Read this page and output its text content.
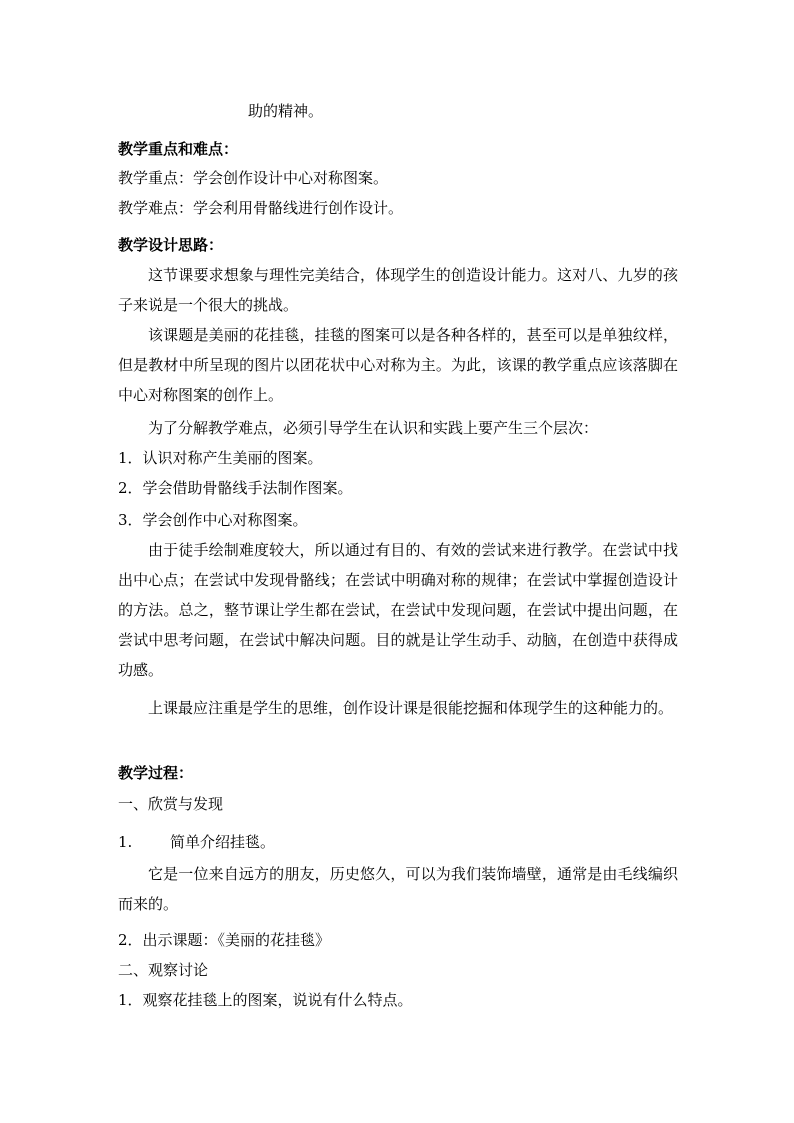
助的精神。
教学重点和难点：
教学重点：学会创作设计中心对称图案。
教学难点：学会利用骨骼线进行创作设计。
教学设计思路：
这节课要求想象与理性完美结合，体现学生的创造设计能力。这对八、九岁的孩子来说是一个很大的挑战。
该课题是美丽的花挂毯，挂毯的图案可以是各种各样的，甚至可以是单独纹样，但是教材中所呈现的图片以团花状中心对称为主。为此，该课的教学重点应该落脚在中心对称图案的创作上。
为了分解教学难点，必须引导学生在认识和实践上要产生三个层次：
1．认识对称产生美丽的图案。
2．学会借助骨骼线手法制作图案。
3．学会创作中心对称图案。
由于徒手绘制难度较大，所以通过有目的、有效的尝试来进行教学。在尝试中找出中心点；在尝试中发现骨骼线；在尝试中明确对称的规律；在尝试中掌握创造设计的方法。总之，整节课让学生都在尝试，在尝试中发现问题，在尝试中提出问题，在尝试中思考问题，在尝试中解决问题。目的就是让学生动手、动脑，在创造中获得成功感。
上课最应注重是学生的思维，创作设计课是很能挖掘和体现学生的这种能力的。
教学过程：
一、欣赏与发现
1.	简单介绍挂毯。
它是一位来自远方的朋友，历史悠久，可以为我们装饰墙壁，通常是由毛线编织而来的。
2．出示课题：《美丽的花挂毯》
二、观察讨论
1．观察花挂毯上的图案，说说有什么特点。
